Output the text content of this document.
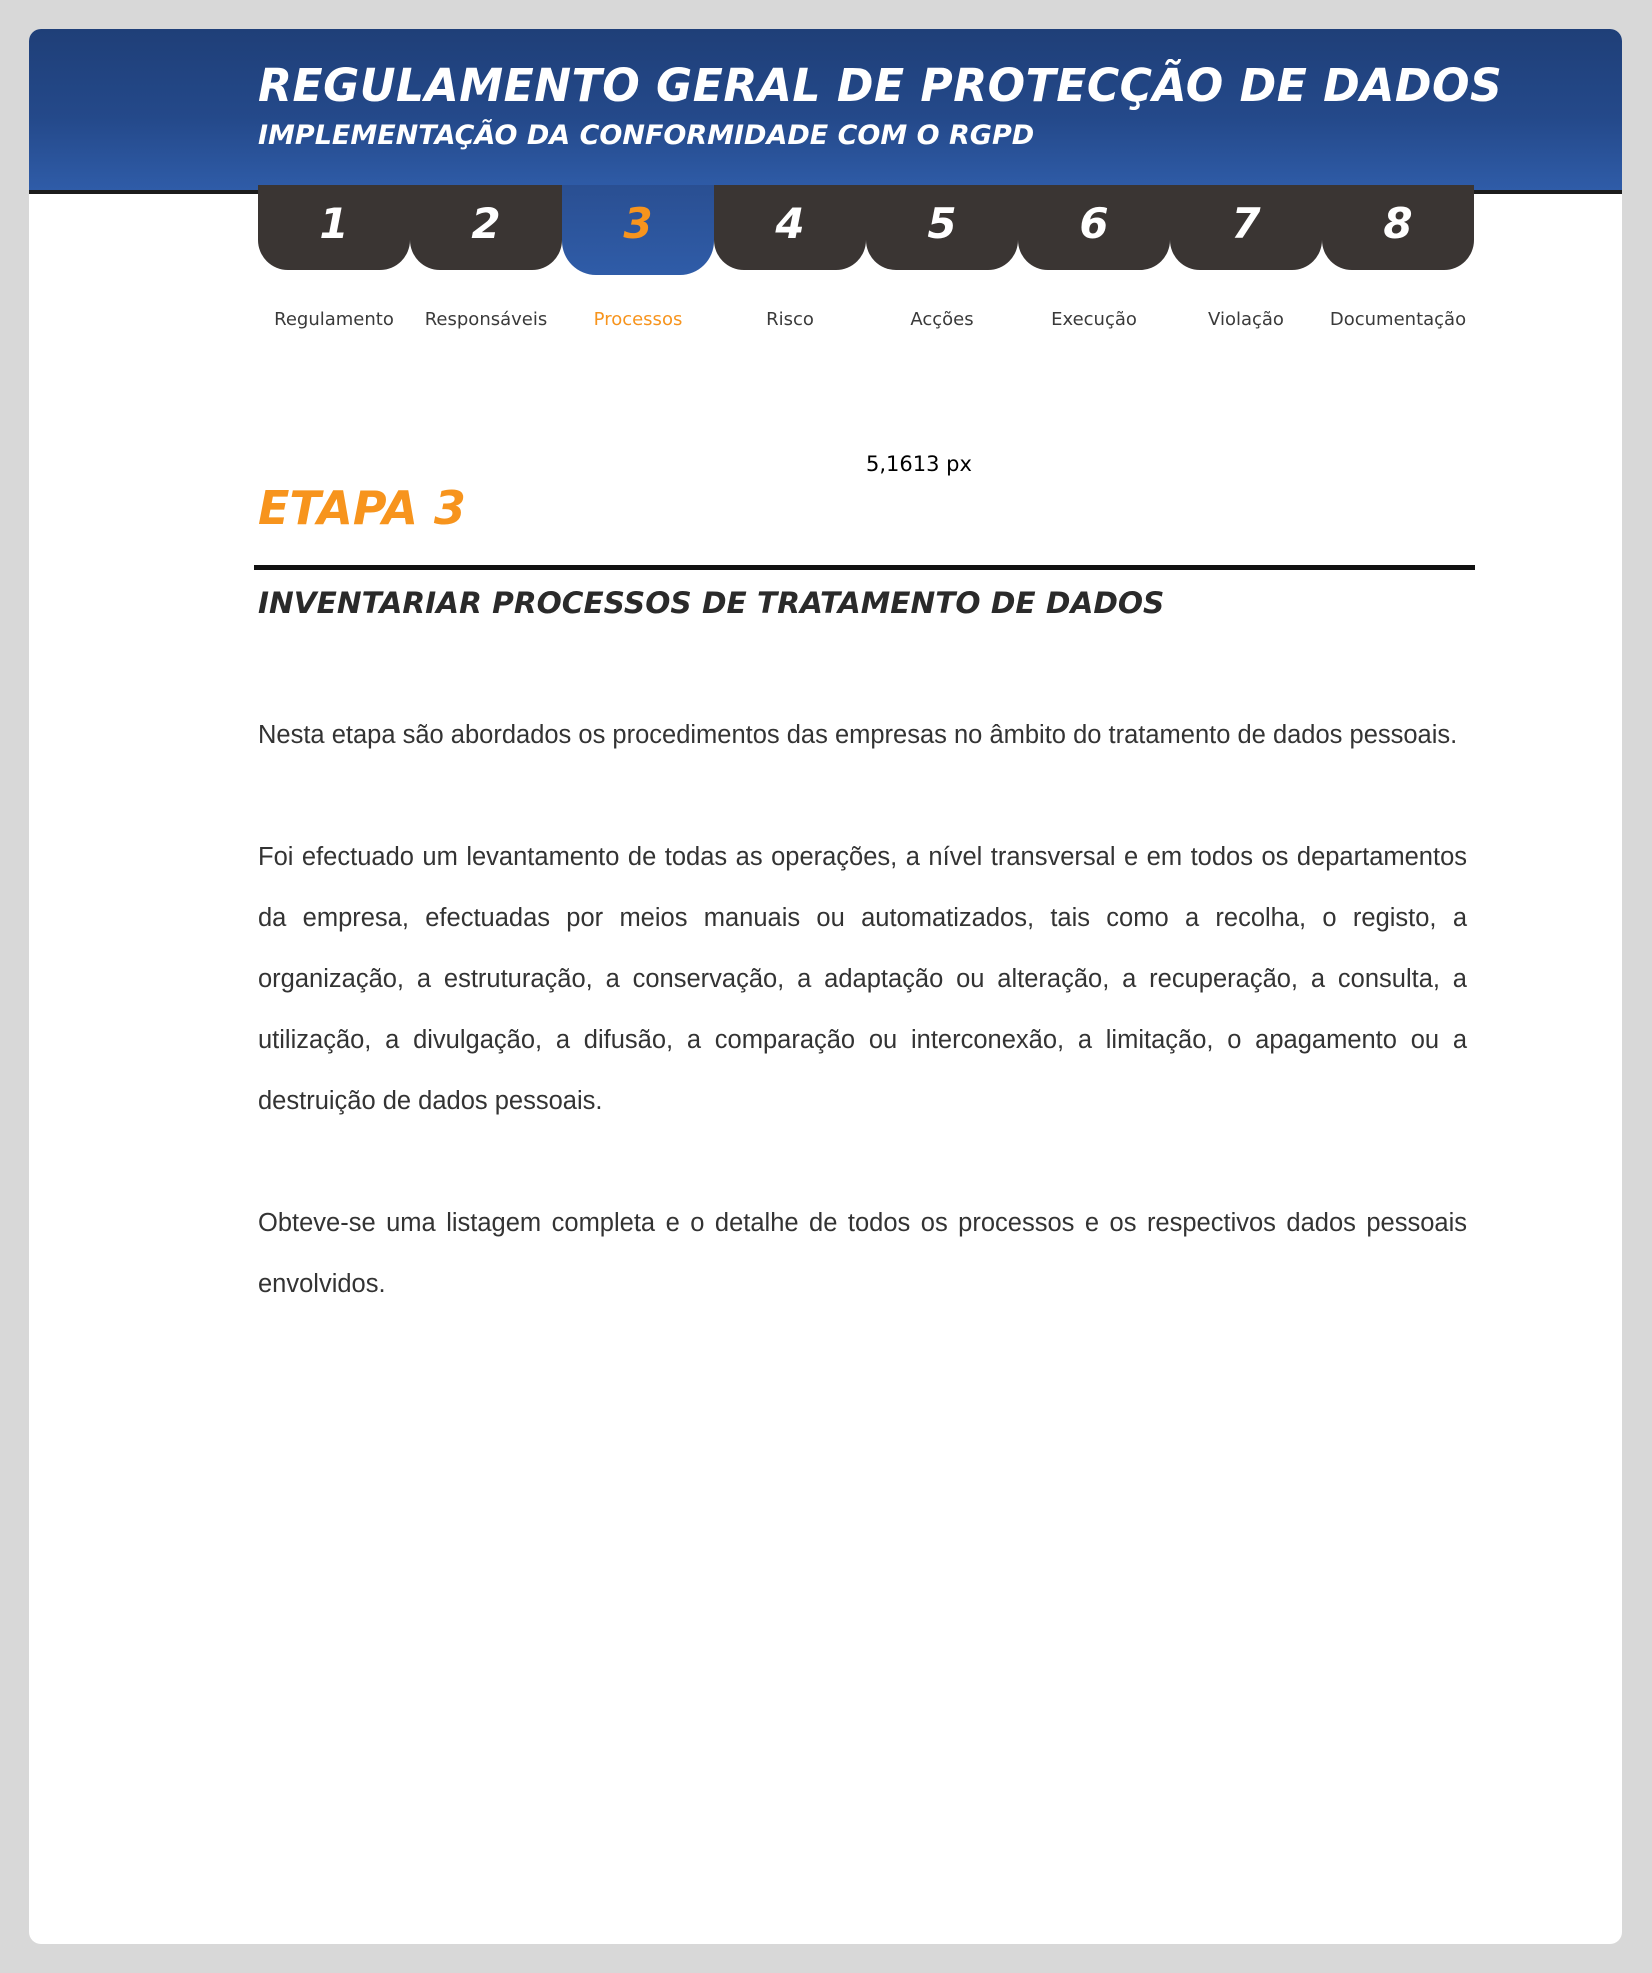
REGULAMENTO GERAL DE PROTECÇÃO DE DADOS
IMPLEMENTAÇÃO DA CONFORMIDADE COM O RGPD
1
Regulamento
2
Responsáveis
3
Processos
4
Risco
5
Acções
6
Execução
7
Violação
8
Documentação
5,1613 px
ETAPA 3
INVENTARIAR PROCESSOS DE TRATAMENTO DE DADOS

Nesta etapa são abordados os procedimentos das empresas no âmbito do tratamento de dados pessoais.

Foi efectuado um levantamento de todas as operações, a nível transversal e em todos os departamentos da empresa, efectuadas por meios manuais ou automatizados, tais como a recolha, o registo, a organização, a estruturação, a conservação, a adaptação ou alteração, a recuperação, a consulta, a utilização, a divulgação, a difusão, a comparação ou interconexão, a limitação, o apagamento ou a destruição de dados pessoais.

Obteve-se uma listagem completa e o detalhe de todos os processos e os respectivos dados pessoais envolvidos.
